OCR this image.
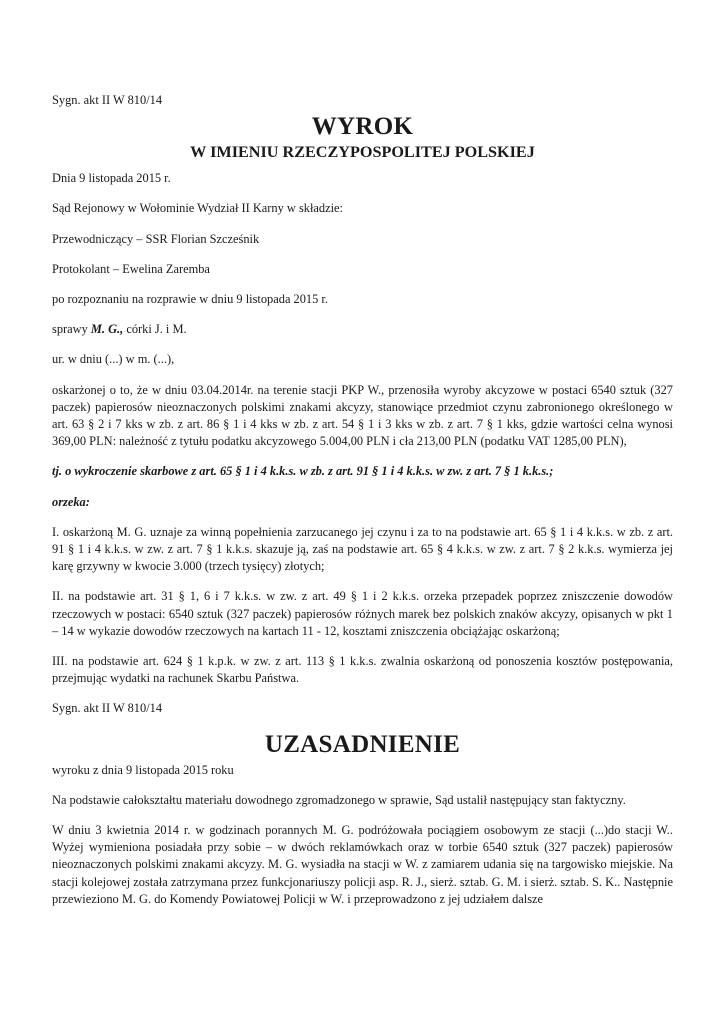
Sygn. akt II W 810/14

WYROK
W IMIENIU RZECZYPOSPOLITEJ POLSKIEJ

Dnia 9 listopada 2015 r.

Sąd Rejonowy w Wołominie Wydział II Karny w składzie:

Przewodniczący – SSR Florian Szcześnik

Protokolant – Ewelina Zaremba

po rozpoznaniu na rozprawie w dniu 9 listopada 2015 r.

sprawy M. G., córki J. i M.

ur. w dniu (...) w m. (...),

oskarżonej o to, że w dniu 03.04.2014r. na terenie stacji PKP W., przenosiła wyroby akcyzowe w postaci 6540 sztuk (327 paczek) papierosów nieoznaczonych polskimi znakami akcyzy, stanowiące przedmiot czynu zabronionego określonego w art. 63 § 2 i 7 kks w zb. z art. 86 § 1 i 4 kks w zb. z art. 54 § 1 i 3 kks w zb. z art. 7 § 1 kks, gdzie wartości celna wynosi 369,00 PLN: należność z tytułu podatku akcyzowego 5.004,00 PLN i cła 213,00 PLN (podatku VAT 1285,00 PLN),

tj. o wykroczenie skarbowe z art. 65 § 1 i 4 k.k.s. w zb. z art. 91 § 1 i 4 k.k.s. w zw. z art. 7 § 1 k.k.s.;

orzeka:

I. oskarżoną M. G. uznaje za winną popełnienia zarzucanego jej czynu i za to na podstawie art. 65 § 1 i 4 k.k.s. w zb. z art. 91 § 1 i 4 k.k.s. w zw. z art. 7 § 1 k.k.s. skazuje ją, zaś na podstawie art. 65 § 4 k.k.s. w zw. z art. 7 § 2 k.k.s. wymierza jej karę grzywny w kwocie 3.000 (trzech tysięcy) złotych;

II. na podstawie art. 31 § 1, 6 i 7 k.k.s. w zw. z art. 49 § 1 i 2 k.k.s. orzeka przepadek poprzez zniszczenie dowodów rzeczowych w postaci: 6540 sztuk (327 paczek) papierosów różnych marek bez polskich znaków akcyzy, opisanych w pkt 1 – 14 w wykazie dowodów rzeczowych na kartach 11 - 12, kosztami zniszczenia obciążając oskarżoną;

III. na podstawie art. 624 § 1 k.p.k. w zw. z art. 113 § 1 k.k.s. zwalnia oskarżoną od ponoszenia kosztów postępowania, przejmując wydatki na rachunek Skarbu Państwa.

Sygn. akt II W 810/14

UZASADNIENIE

wyroku z dnia 9 listopada 2015 roku

Na podstawie całokształtu materiału dowodnego zgromadzonego w sprawie, Sąd ustalił następujący stan faktyczny.

W dniu 3 kwietnia 2014 r. w godzinach porannych M. G. podróżowała pociągiem osobowym ze stacji (...)do stacji W.. Wyżej wymieniona posiadała przy sobie – w dwóch reklamówkach oraz w torbie 6540 sztuk (327 paczek) papierosów nieoznaczonych polskimi znakami akcyzy. M. G. wysiadła na stacji w W. z zamiarem udania się na targowisko miejskie. Na stacji kolejowej została zatrzymana przez funkcjonariuszy policji asp. R. J., sierż. sztab. G. M. i sierż. sztab. S. K.. Następnie przewieziono M. G. do Komendy Powiatowej Policji w W. i przeprowadzono z jej udziałem dalsze
